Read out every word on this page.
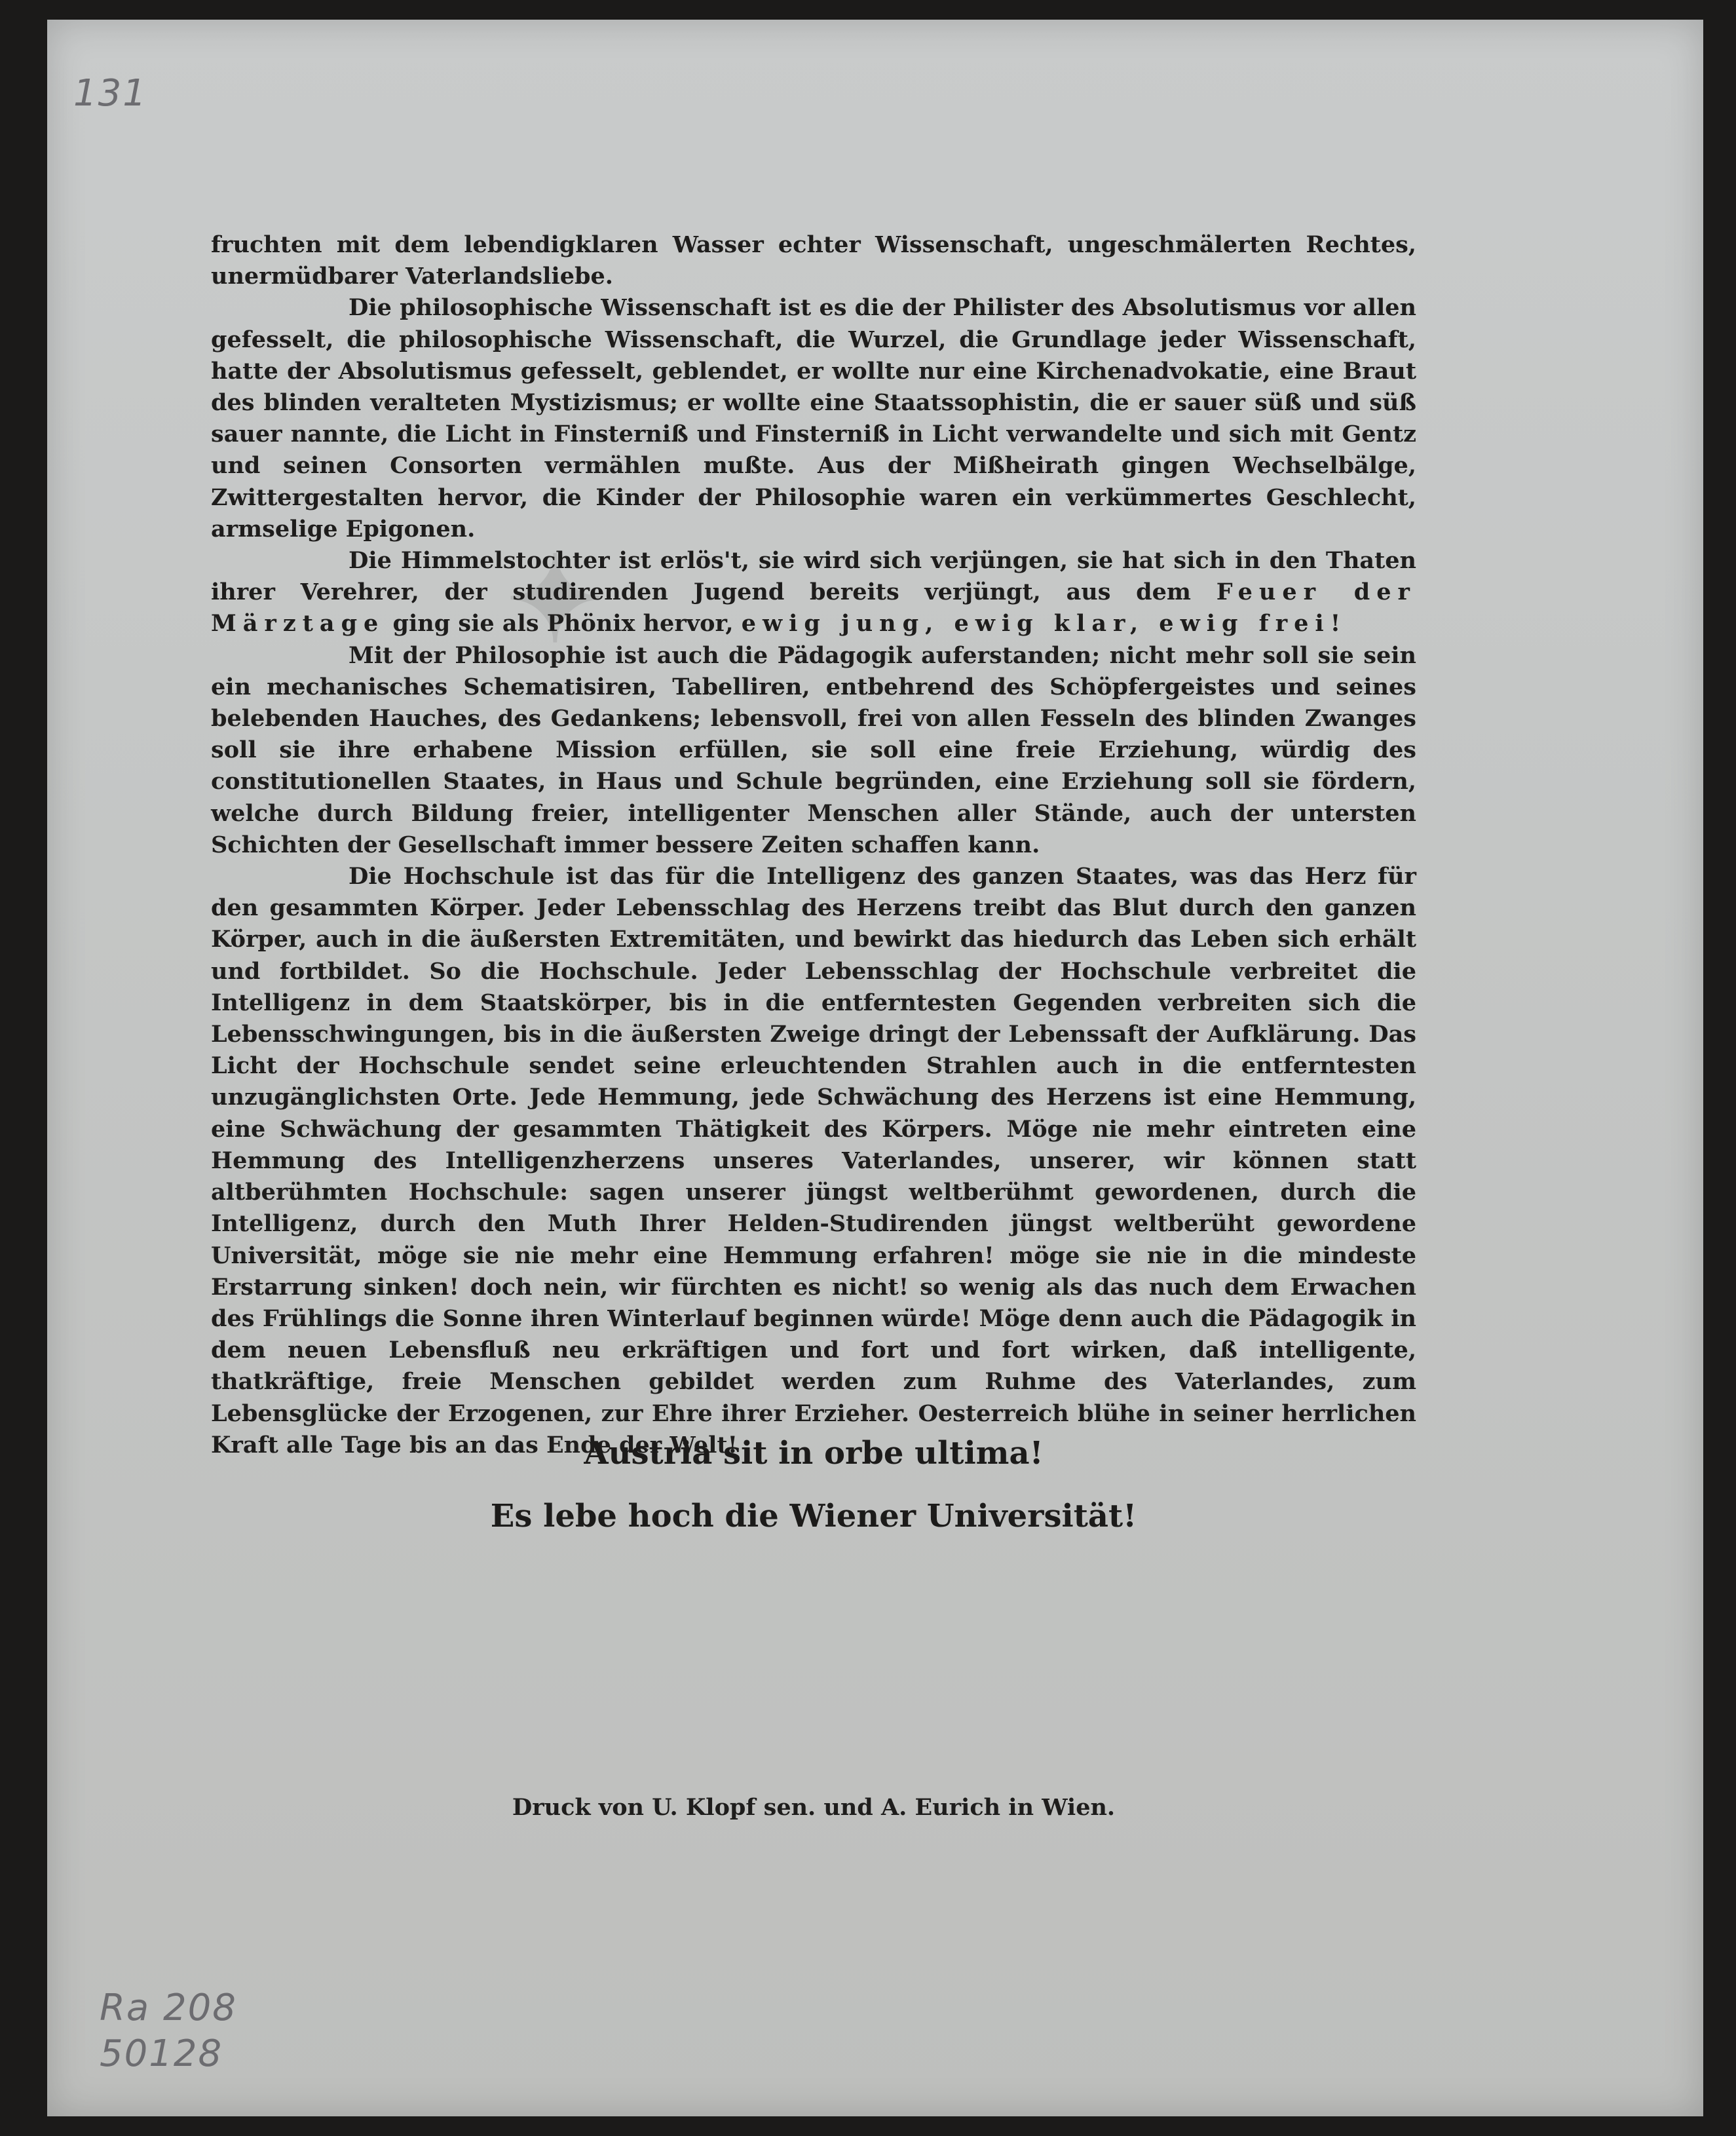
131
✦

fruchten mit dem lebendigklaren Wasser echter Wissenschaft, ungeschmälerten Rechtes, unermüdbarer Vaterlandsliebe.

Die philosophische Wissenschaft ist es die der Philister des Absolutismus vor allen gefesselt, die philosophische Wissenschaft, die Wurzel, die Grundlage jeder Wissenschaft, hatte der Absolutismus gefesselt, geblendet, er wollte nur eine Kirchenadvokatie, eine Braut des blinden veralteten Mystizismus; er wollte eine Staatssophistin, die er sauer süß und süß sauer nannte, die Licht in Finsterniß und Finsterniß in Licht verwandelte und sich mit Gentz und seinen Consorten vermählen mußte. Aus der Mißheirath gingen Wechselbälge, Zwittergestalten hervor, die Kinder der Philosophie waren ein verkümmertes Geschlecht, armselige Epigonen.

Die Himmelstochter ist erlös't, sie wird sich verjüngen, sie hat sich in den Thaten ihrer Verehrer, der studirenden Jugend bereits verjüngt, aus dem Feuer der Märztage ging sie als Phönix hervor, ewig jung, ewig klar, ewig frei!

Mit der Philosophie ist auch die Pädagogik auferstanden; nicht mehr soll sie sein ein mechanisches Schematisiren, Tabelliren, entbehrend des Schöpfergeistes und seines belebenden Hauches, des Gedankens; lebensvoll, frei von allen Fesseln des blinden Zwanges soll sie ihre erhabene Mission erfüllen, sie soll eine freie Erziehung, würdig des constitutionellen Staates, in Haus und Schule begründen, eine Erziehung soll sie fördern, welche durch Bildung freier, intelligenter Menschen aller Stände, auch der untersten Schichten der Gesellschaft immer bessere Zeiten schaffen kann.

Die Hochschule ist das für die Intelligenz des ganzen Staates, was das Herz für den gesammten Körper. Jeder Lebensschlag des Herzens treibt das Blut durch den ganzen Körper, auch in die äußersten Extremitäten, und bewirkt das hiedurch das Leben sich erhält und fortbildet. So die Hochschule. Jeder Lebensschlag der Hochschule verbreitet die Intelligenz in dem Staatskörper, bis in die entferntesten Gegenden verbreiten sich die Lebensschwingungen, bis in die äußersten Zweige dringt der Lebenssaft der Aufklärung. Das Licht der Hochschule sendet seine erleuchtenden Strahlen auch in die entferntesten unzugänglichsten Orte. Jede Hemmung, jede Schwächung des Herzens ist eine Hemmung, eine Schwächung der gesammten Thätigkeit des Körpers. Möge nie mehr eintreten eine Hemmung des Intelligenzherzens unseres Vaterlandes, unserer, wir können statt altberühmten Hochschule: sagen unserer jüngst weltberühmt gewordenen, durch die Intelligenz, durch den Muth Ihrer Helden-Studirenden jüngst weltberüht gewordene Universität, möge sie nie mehr eine Hemmung erfahren! möge sie nie in die mindeste Erstarrung sinken! doch nein, wir fürchten es nicht! so wenig als das nuch dem Erwachen des Frühlings die Sonne ihren Winterlauf beginnen würde! Möge denn auch die Pädagogik in dem neuen Lebensfluß neu erkräftigen und fort und fort wirken, daß intelligente, thatkräftige, freie Menschen gebildet werden zum Ruhme des Vaterlandes, zum Lebensglücke der Erzogenen, zur Ehre ihrer Erzieher. Oesterreich blühe in seiner herrlichen Kraft alle Tage bis an das Ende der Welt!

Austria sit in orbe ultima!
Es lebe hoch die Wiener Universität!
Druck von U. Klopf sen. und A. Eurich in Wien.
Ra 208
50128
